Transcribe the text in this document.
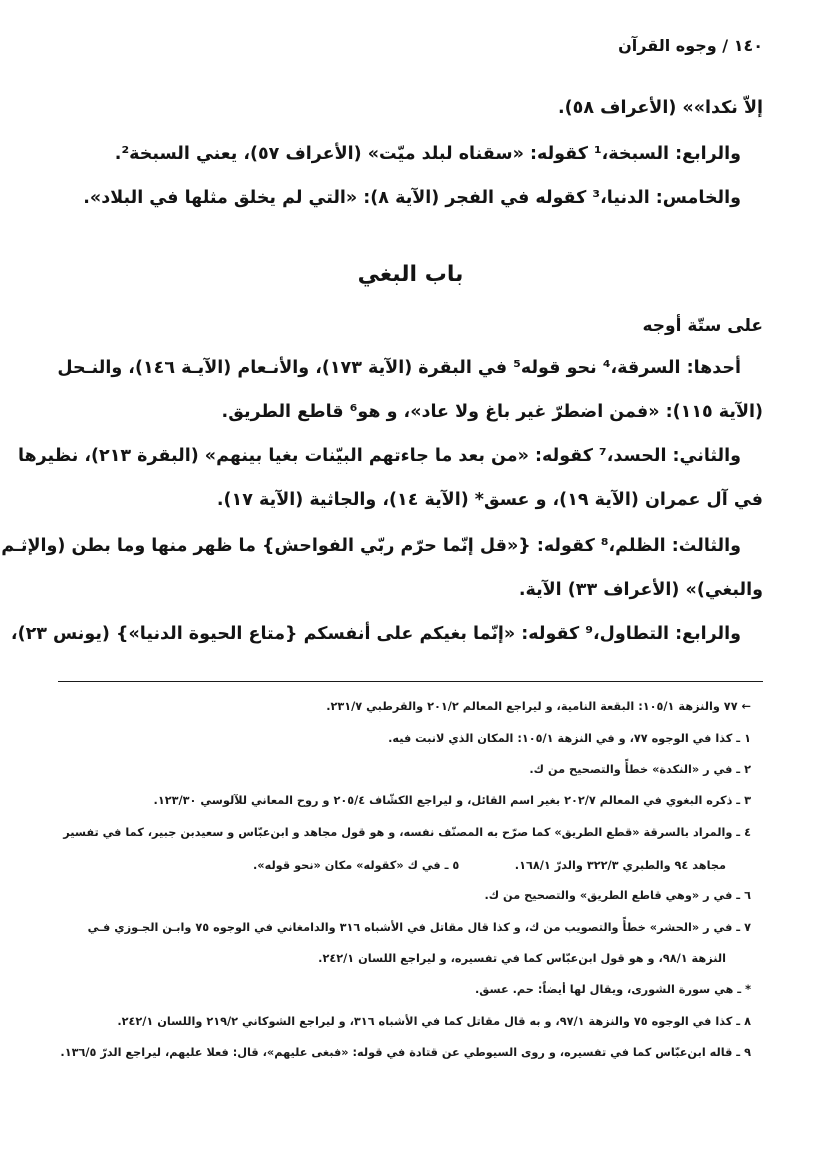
١٤٠ / وجوه القرآن
إلاّ نكدا»» (الأعراف ٥٨).
والرابع: السبخة،¹ كقوله: «سقناه لبلد ميّت» (الأعراف ٥٧)، يعني السبخة².
والخامس: الدنيا،³ كقوله في الفجر (الآية ٨): «التي لم يخلق مثلها في البلاد».
باب البغي
على ستّة أوجه
أحدها: السرقة،⁴ نحو قوله⁵ في البقرة (الآية ١٧٣)، والأنـعام (الآيـة ١٤٦)، والنـحل
(الآية ١١٥): «فمن اضطرّ غير باغ ولا عاد»، و هو⁶ قاطع الطريق.
والثاني: الحسد،⁷ كقوله: «من بعد ما جاءتهم البيّنات بغيا بينهم» (البقرة ٢١٣)، نظيرها
في آل عمران (الآية ١٩)، و عسق* (الآية ١٤)، والجاثية (الآية ١٧).
والثالث: الظلم،⁸ كقوله: {«قل إنّما حرّم ربّي الفواحش} ما ظهر منها وما بطن (والإثـم
والبغي)» (الأعراف ٣٣) الآية.
والرابع: التطاول،⁹ كقوله: «إنّما بغيكم على أنفسكم {متاع الحيوة الدنيا»} (يونس ٢٣)،
← ٧٧ والنزهة ١٠٥/١: البقعة النامية، و ليراجع المعالم ٢٠١/٢ والقرطبي ٢٣١/٧.
١ ـ كذا في الوجوه ٧٧، و في النزهة ١٠٥/١: المكان الذي لانبت فيه.
٢ ـ في ر «النكدة» خطأً والتصحيح من ك.
٣ ـ ذكره البغوي في المعالم ٢٠٢/٧ بغير اسم القائل، و ليراجع الكشّاف ٢٠٥/٤ و روح المعاني للآلوسي ١٢٣/٣٠.
٤ ـ والمراد بالسرقة «قطع الطريق» كما صرّح به المصنّف نفسه، و هو قول مجاهد و ابن‌عبّاس و سعيدبن جبير، كما في تفسير
مجاهد ٩٤ والطبري ٣٢٢/٣ والدرّ ١٦٨/١.
٥ ـ في ك «كقوله» مكان «نحو قوله».
٦ ـ في ر «وهي قاطع الطريق» والتصحيح من ك.
٧ ـ في ر «الحشر» خطأً والتصويب من ك، و كذا قال مقاتل في الأشباه ٣١٦ والدامغاني في الوجوه ٧٥ وابـن الجـوزي فـي
النزهة ٩٨/١، و هو قول ابن‌عبّاس كما في تفسيره، و ليراجع اللسان ٢٤٢/١.
* ـ هي سورة الشورى، ويقال لها أيضاً: حم. عسق.
٨ ـ كذا في الوجوه ٧٥ والنزهة ٩٧/١، و به قال مقاتل كما في الأشباه ٣١٦، و ليراجع الشوكاني ٢١٩/٢ واللسان ٢٤٢/١.
٩ ـ قاله ابن‌عبّاس كما في تفسيره، و روى السيوطي عن قتادة في قوله: «فبغى عليهم»، قال: فعلا عليهم، ليراجع الدرّ ١٣٦/٥.
